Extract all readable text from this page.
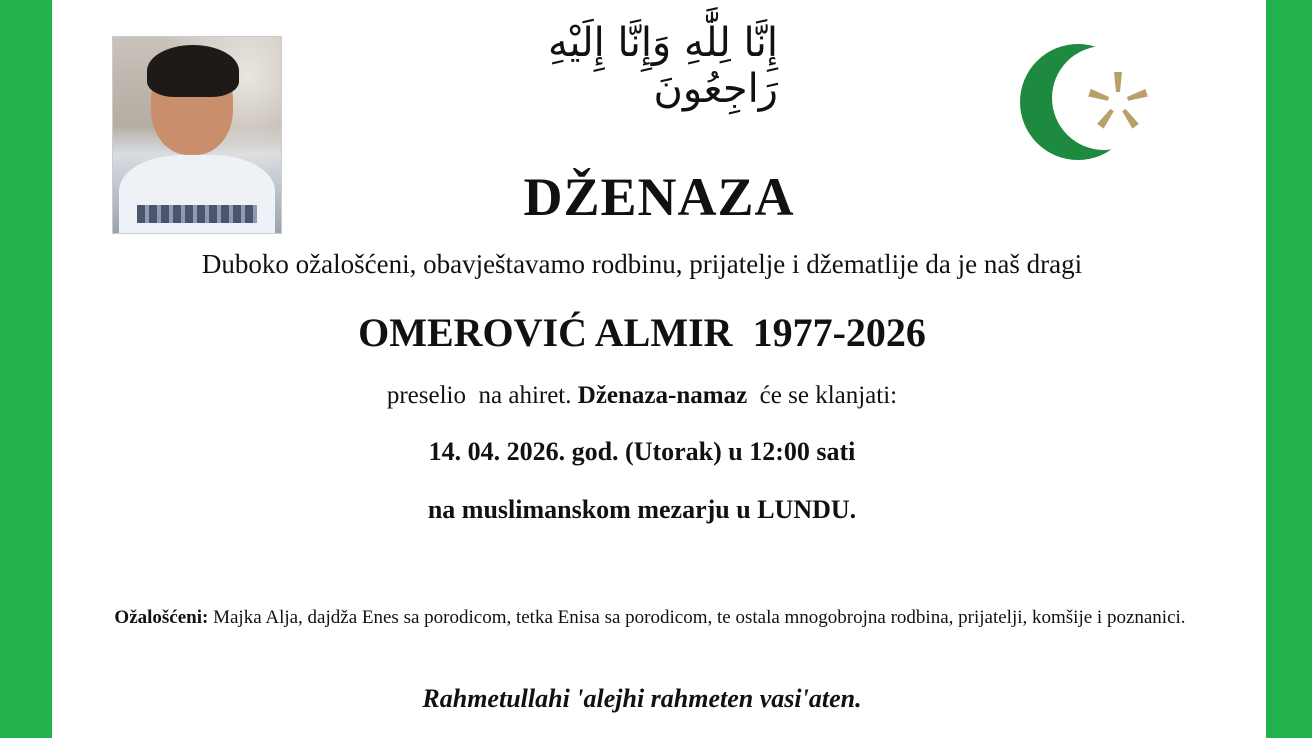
إِنَّا لِلَّٰهِ وَإِنَّا إِلَيْهِ رَاجِعُونَ
DŽENAZA
Duboko ožalošćeni, obavještavamo rodbinu, prijatelje i džematlije da je naš dragi
OMEROVIĆ ALMIR  1977-2026
preselio  na ahiret. Dženaza-namaz  će se klanjati:
14. 04. 2026. god. (Utorak) u 12:00 sati
na muslimanskom mezarju u LUNDU.
Ožalošćeni: Majka Alja, dajdža Enes sa porodicom, tetka Enisa sa porodicom, te ostala mnogobrojna rodbina, prijatelji, komšije i poznanici.
Rahmetullahi 'alejhi rahmeten vasi'aten.
